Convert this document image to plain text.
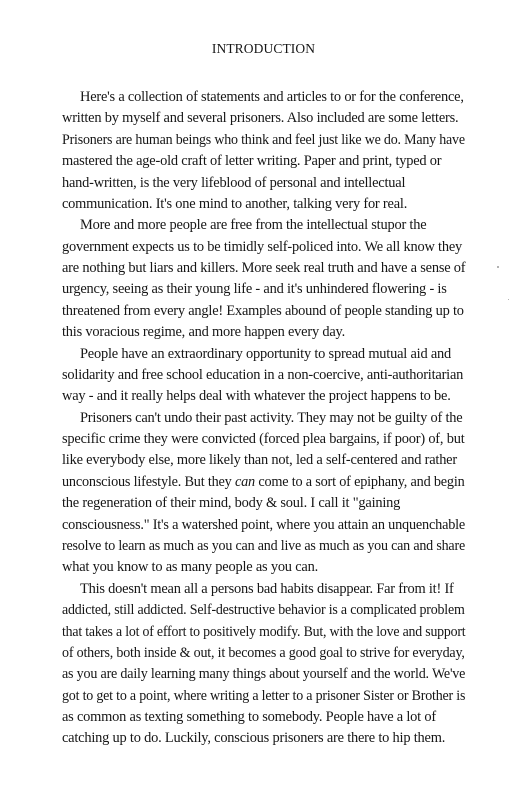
INTRODUCTION
Here's a collection of statements and articles to or for the conference,
written by myself and several prisoners. Also included are some letters.
Prisoners are human beings who think and feel just like we do. Many have
mastered the age-old craft of letter writing. Paper and print, typed or
hand-written, is the very lifeblood of personal and intellectual
communication. It's one mind to another, talking very for real.
More and more people are free from the intellectual stupor the
government expects us to be timidly self-policed into. We all know they
are nothing but liars and killers. More seek real truth and have a sense of
urgency, seeing as their young life - and it's unhindered flowering - is
threatened from every angle! Examples abound of people standing up to
this voracious regime, and more happen every day.
People have an extraordinary opportunity to spread mutual aid and
solidarity and free school education in a non-coercive, anti-authoritarian
way - and it really helps deal with whatever the project happens to be.
Prisoners can't undo their past activity. They may not be guilty of the
specific crime they were convicted (forced plea bargains, if poor) of, but
like everybody else, more likely than not, led a self-centered and rather
unconscious lifestyle. But they can come to a sort of epiphany, and begin
the regeneration of their mind, body & soul. I call it "gaining
consciousness." It's a watershed point, where you attain an unquenchable
resolve to learn as much as you can and live as much as you can and share
what you know to as many people as you can.
This doesn't mean all a persons bad habits disappear. Far from it! If
addicted, still addicted. Self-destructive behavior is a complicated problem
that takes a lot of effort to positively modify. But, with the love and support
of others, both inside & out, it becomes a good goal to strive for everyday,
as you are daily learning many things about yourself and the world. We've
got to get to a point, where writing a letter to a prisoner Sister or Brother is
as common as texting something to somebody. People have a lot of
catching up to do. Luckily, conscious prisoners are there to hip them.
